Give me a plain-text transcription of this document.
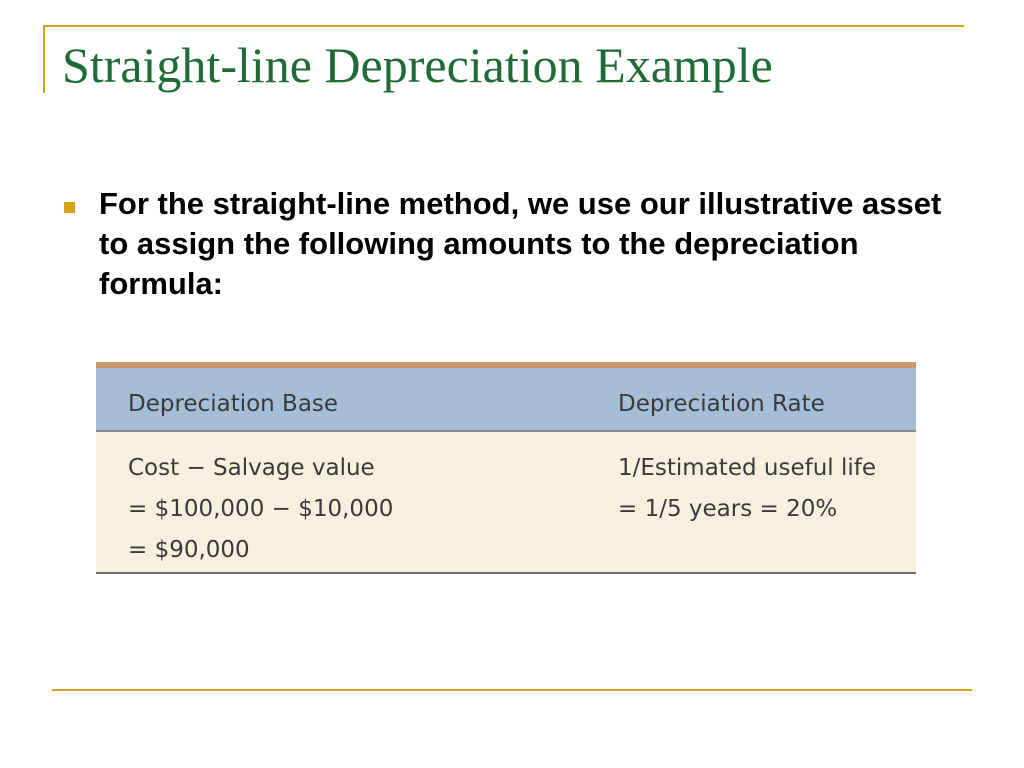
Straight-line Depreciation Example
For the straight-line method, we use our illustrative asset to assign the following amounts to the depreciation formula:
Depreciation Base	Depreciation Rate
Cost − Salvage value
= $100,000 − $10,000
= $90,000
1/Estimated useful life
= 1/5 years = 20%
